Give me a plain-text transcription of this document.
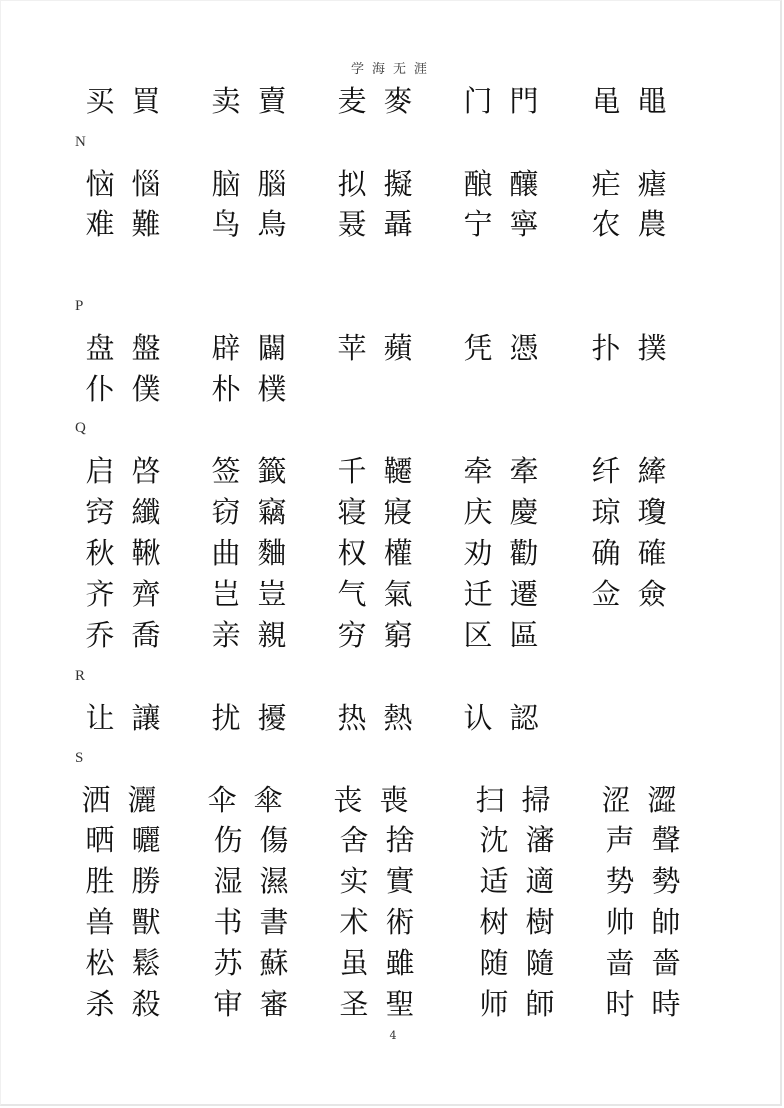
学海无涯
买 買 卖 賣 麦 麥 门 門 黾 黽
N
恼 惱 脑 腦 拟 擬 酿 釀 疟 瘧
难 難 鸟 鳥 聂 聶 宁 寧 农 農
P
盘 盤 辟 闢 苹 蘋 凭 憑 扑 撲
仆 僕 朴 樸
Q
启 啓 签 籤 千 韆 牵 牽 纤 縴
窍 纖 窃 竊 寝 寢 庆 慶 琼 瓊
秋 鞦 曲 麯 权 權 劝 勸 确 確
齐 齊 岂 豈 气 氣 迁 遷 佥 僉
乔 喬 亲 親 穷 窮 区 區
R
让 讓 扰 擾 热 熱 认 認
S
洒 灑 伞 傘 丧 喪 扫 掃 涩 澀
晒 曬 伤 傷 舍 捨 沈 瀋 声 聲
胜 勝 湿 濕 实 實 适 適 势 勢
兽 獸 书 書 术 術 树 樹 帅 帥
松 鬆 苏 蘇 虽 雖 随 隨 啬 嗇
杀 殺 审 審 圣 聖 师 師 时 時
4
